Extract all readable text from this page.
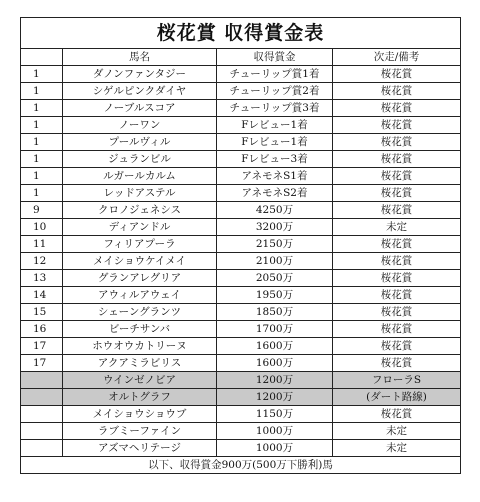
桜花賞 収得賞金表			
	馬名	収得賞金	次走/備考
1	ダノンファンタジー	チューリップ賞1着	桜花賞
1	シゲルピンクダイヤ	チューリップ賞2着	桜花賞
1	ノーブルスコア	チューリップ賞3着	桜花賞
1	ノーワン	Fレビュー1着	桜花賞
1	プールヴィル	Fレビュー1着	桜花賞
1	ジュランビル	Fレビュー3着	桜花賞
1	ルガールカルム	アネモネS1着	桜花賞
1	レッドアステル	アネモネS2着	桜花賞
9	クロノジェネシス	4250万	桜花賞
10	ディアンドル	3200万	未定
11	フィリアプーラ	2150万	桜花賞
12	メイショウケイメイ	2100万	桜花賞
13	グランアレグリア	2050万	桜花賞
14	アウィルアウェイ	1950万	桜花賞
15	シェーングランツ	1850万	桜花賞
16	ビーチサンバ	1700万	桜花賞
17	ホウオウカトリーヌ	1600万	桜花賞
17	アクアミラビリス	1600万	桜花賞
	ウインゼノビア	1200万	フローラS
	オルトグラフ	1200万	(ダート路線)
	メイショウショウブ	1150万	桜花賞
	ラブミーファイン	1000万	未定
	アズマヘリテージ	1000万	未定
以下、収得賞金900万(500万下勝利)馬			
